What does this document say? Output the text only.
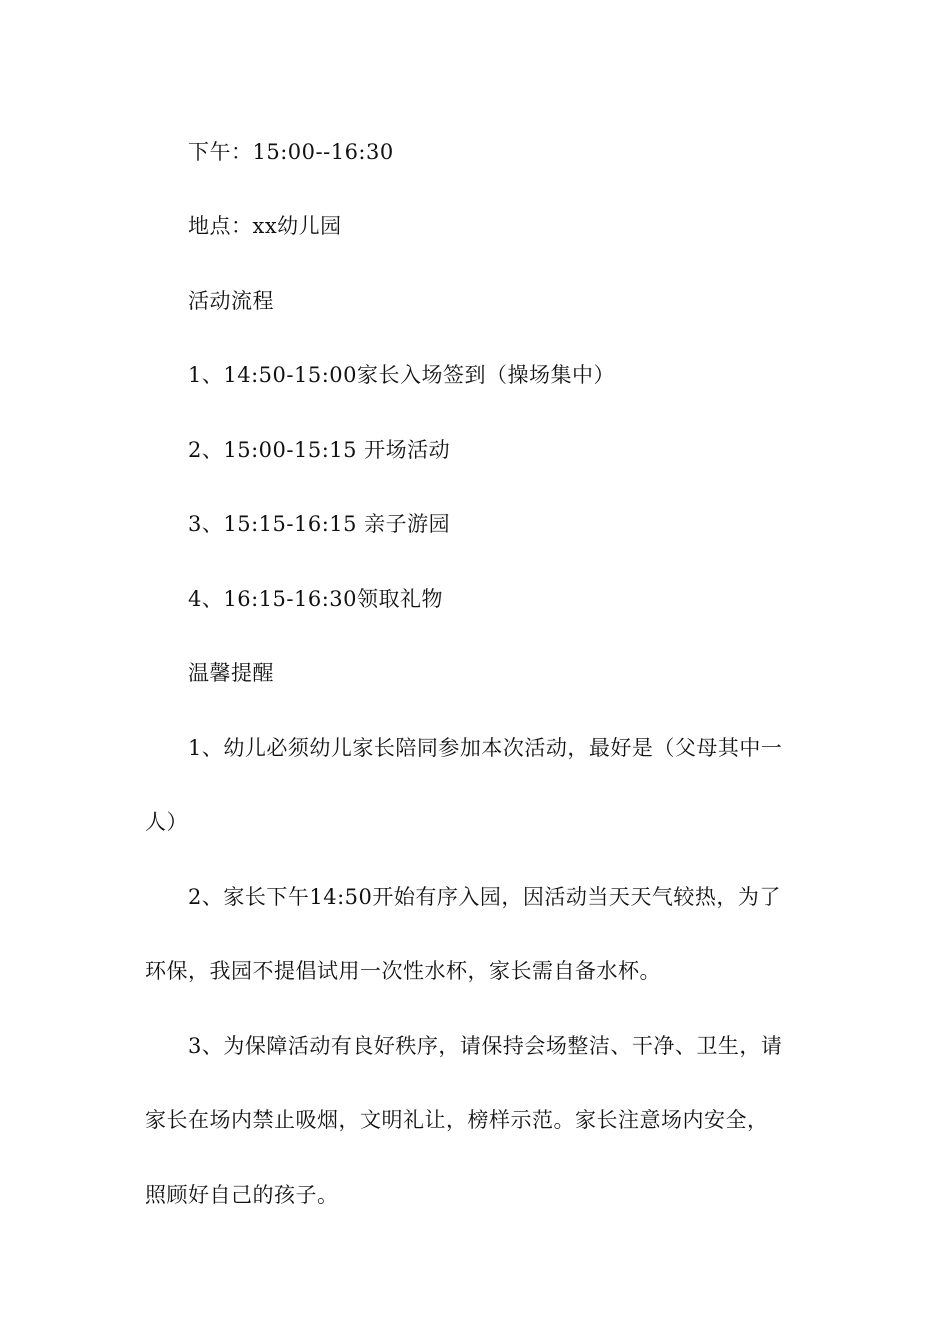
下午：15:00--16:30
地点：xx幼儿园
活动流程
1、14:50-15:00家长入场签到（操场集中）
2、15:00-15:15 开场活动
3、15:15-16:15 亲子游园
4、16:15-16:30领取礼物
温馨提醒
1、幼儿必须幼儿家长陪同参加本次活动，最好是（父母其中一
人）
2、家长下午14:50开始有序入园，因活动当天天气较热，为了
环保，我园不提倡试用一次性水杯，家长需自备水杯。
3、为保障活动有良好秩序，请保持会场整洁、干净、卫生，请
家长在场内禁止吸烟，文明礼让，榜样示范。家长注意场内安全，
照顾好自己的孩子。
